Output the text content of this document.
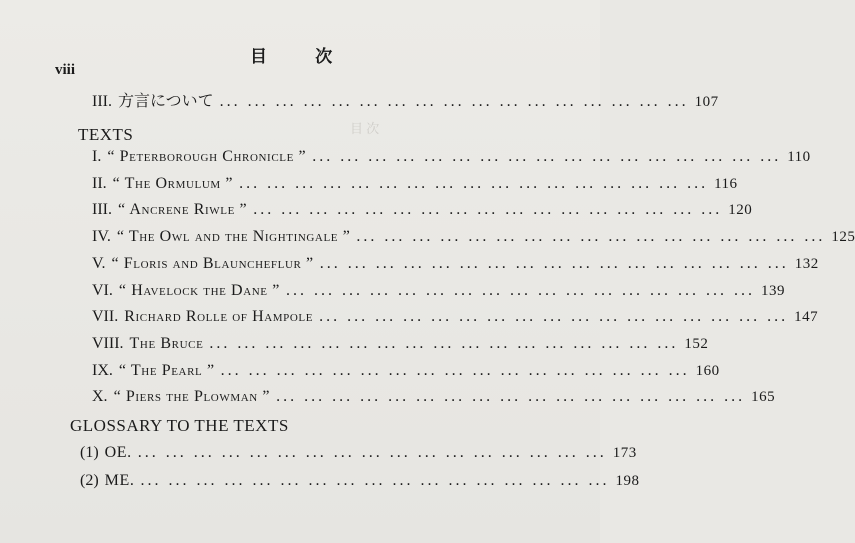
目 次
目 次
viii
III. 方言について ... ... ... ... ... ... ... ... ... ... ... ... ... ... ... ... ... 107
TEXTS
I. “ Peterborough Chronicle ” ... ... ... ... ... ... ... ... ... ... ... ... ... ... ... ... ... 110
II. “ The Ormulum ” ... ... ... ... ... ... ... ... ... ... ... ... ... ... ... ... ... 116
III. “ Ancrene Riwle ” ... ... ... ... ... ... ... ... ... ... ... ... ... ... ... ... ... 120
IV. “ The Owl and the Nightingale ” ... ... ... ... ... ... ... ... ... ... ... ... ... ... ... ... ... 125
V. “ Floris and Blauncheflur ” ... ... ... ... ... ... ... ... ... ... ... ... ... ... ... ... ... 132
VI. “ Havelock the Dane ” ... ... ... ... ... ... ... ... ... ... ... ... ... ... ... ... ... 139
VII. Richard Rolle of Hampole ... ... ... ... ... ... ... ... ... ... ... ... ... ... ... ... ... 147
VIII. The Bruce ... ... ... ... ... ... ... ... ... ... ... ... ... ... ... ... ... 152
IX. “ The Pearl ” ... ... ... ... ... ... ... ... ... ... ... ... ... ... ... ... ... 160
X. “ Piers the Plowman ” ... ... ... ... ... ... ... ... ... ... ... ... ... ... ... ... ... 165
GLOSSARY TO THE TEXTS
(1) OE. ... ... ... ... ... ... ... ... ... ... ... ... ... ... ... ... ... 173
(2) ME. ... ... ... ... ... ... ... ... ... ... ... ... ... ... ... ... ... 198
